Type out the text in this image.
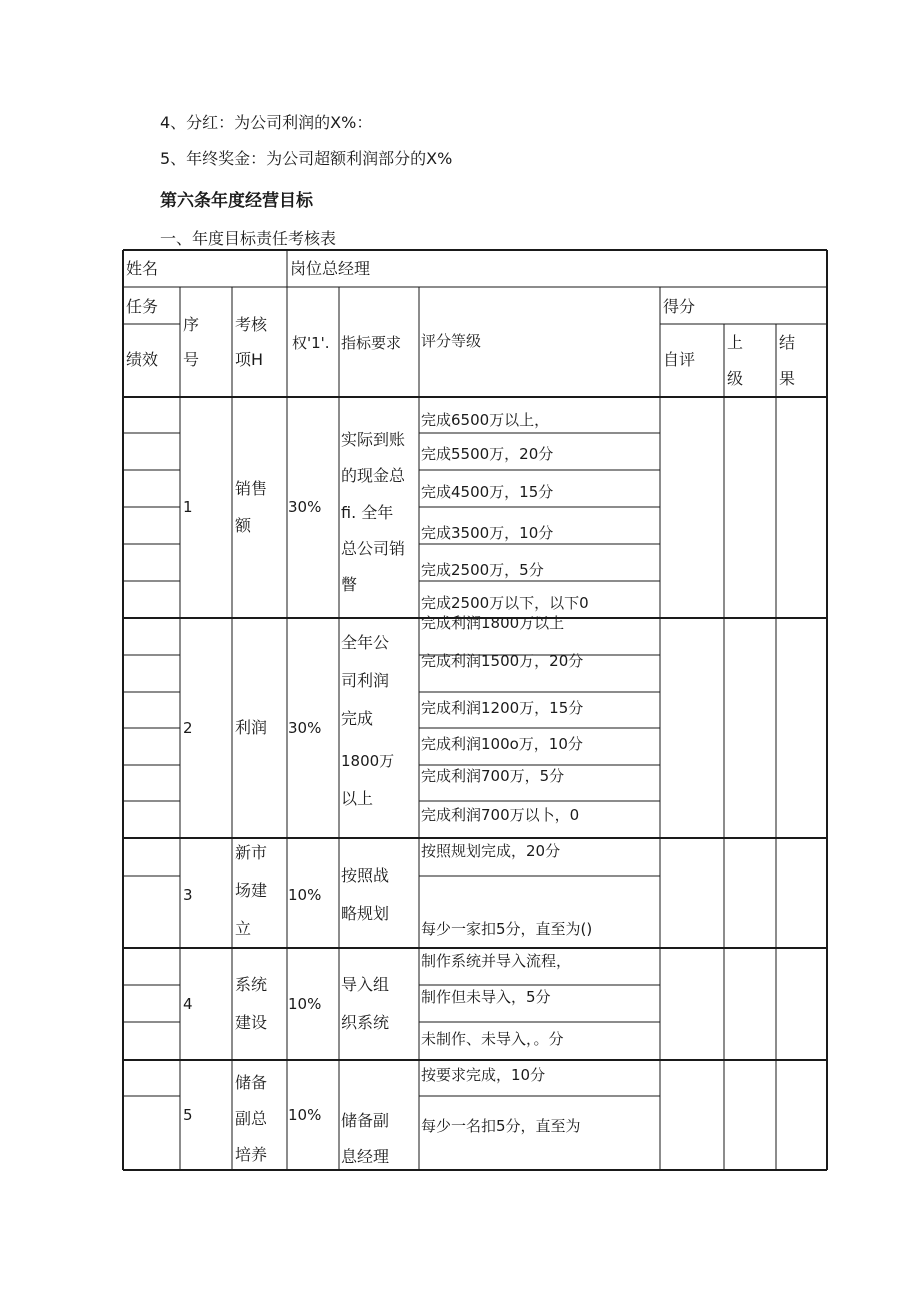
4、分红：为公司利润的X%：
5、年终奖金：为公司超额利润部分的X%
第六条年度经营目标
一、年度目标责任考核表
姓名	岗位总经理
任务
绩效
序
号
考核
项H
权'1'. 指标要求 评分等级
得分
自评
上
级
结
果
1
销售
额
30%
实际到账
的现金总
fi. 全年
总公司销
瞥
完成6500万以上，
完成5500万，20分
完成4500万，15分
完成3500万，10分
完成2500万，5分
完成2500万以下，以下0
2	利润 30%
全年公
司利润
完成
1800万
以上
完成利润1800万以上
完成利润1500万，20分
完成利润1200万，15分
完成利润100o万，10分
完成利润700万，5分
完成利润700万以卜，0
3
新市
场建
立
10%
按照战
略规划
按照规划完成，20分
每少一家扣5分，直至为()
4
系统
建设
10%
导入组
织系统
制作系统并导入流程，
制作但未导入，5分
未制作、未导入，。分
5
储备
副总
培养
10% 储备副
息经理
按要求完成，10分
每少一名扣5分，直至为
